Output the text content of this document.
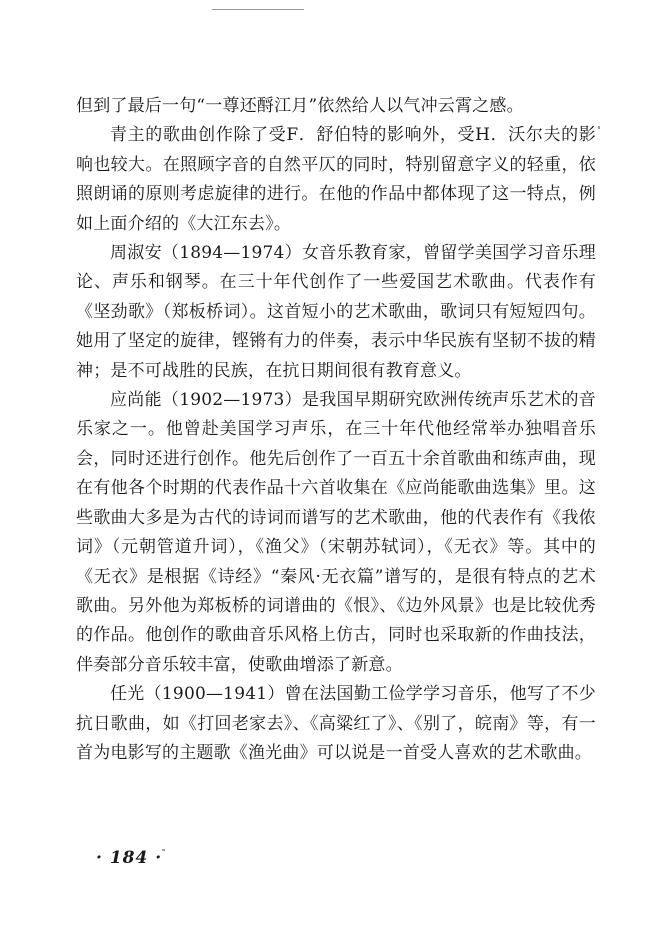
但到了最后一句“一尊还酹江月”依然给人以气冲云霄之感。

青主的歌曲创作除了受F．舒伯特的影响外，受H．沃尔夫的影响也较大。在照顾字音的自然平仄的同时，特别留意字义的轻重，依照朗诵的原则考虑旋律的进行。在他的作品中都体现了这一特点，例如上面介绍的《大江东去》。

周淑安（1894—1974）女音乐教育家，曾留学美国学习音乐理论、声乐和钢琴。在三十年代创作了一些爱国艺术歌曲。代表作有《坚劲歌》（郑板桥词）。这首短小的艺术歌曲，歌词只有短短四句。她用了坚定的旋律，铿锵有力的伴奏，表示中华民族有坚韧不拔的精神；是不可战胜的民族，在抗日期间很有教育意义。

应尚能（1902—1973）是我国早期研究欧洲传统声乐艺术的音乐家之一。他曾赴美国学习声乐，在三十年代他经常举办独唱音乐会，同时还进行创作。他先后创作了一百五十余首歌曲和练声曲，现在有他各个时期的代表作品十六首收集在《应尚能歌曲选集》里。这些歌曲大多是为古代的诗词而谱写的艺术歌曲，他的代表作有《我侬词》（元朝管道升词），《渔父》（宋朝苏轼词），《无衣》等。其中的《无衣》是根据《诗经》“秦风·无衣篇”谱写的，是很有特点的艺术歌曲。另外他为郑板桥的词谱曲的《恨》、《边外风景》也是比较优秀的作品。他创作的歌曲音乐风格上仿古，同时也采取新的作曲技法，伴奏部分音乐较丰富，使歌曲增添了新意。

任光（1900—1941）曾在法国勤工俭学学习音乐，他写了不少抗日歌曲，如《打回老家去》、《高粱红了》、《别了，皖南》等，有一首为电影写的主题歌《渔光曲》可以说是一首受人喜欢的艺术歌曲。

· 184 ·
